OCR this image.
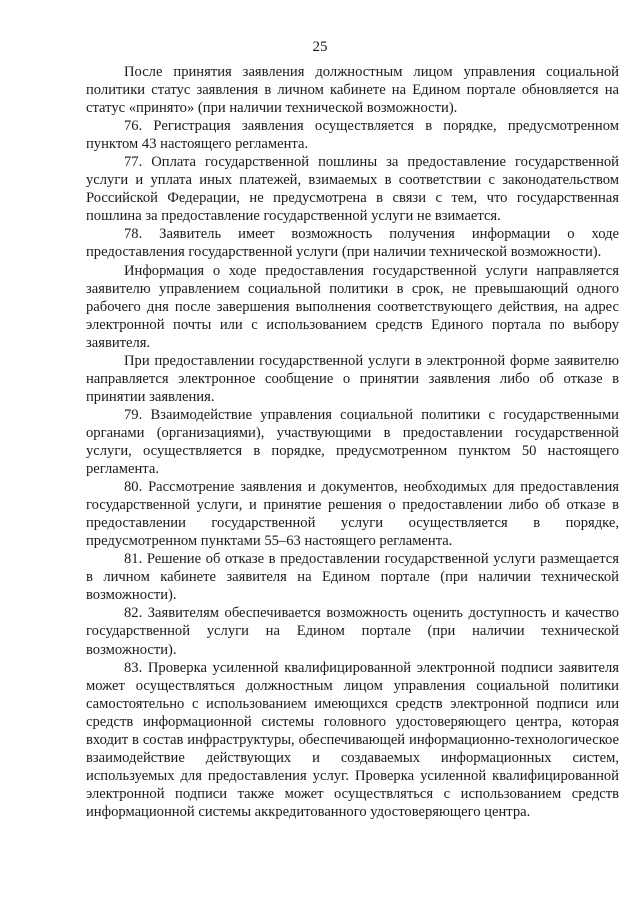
25

После принятия заявления должностным лицом управления социальной политики статус заявления в личном кабинете на Едином портале обновляется на статус «принято» (при наличии технической возможности).

76. Регистрация заявления осуществляется в порядке, предусмотренном пунктом 43 настоящего регламента.

77. Оплата государственной пошлины за предоставление государственной услуги и уплата иных платежей, взимаемых в соответствии с законодательством Российской Федерации, не предусмотрена в связи с тем, что государственная пошлина за предоставление государственной услуги не взимается.

78. Заявитель имеет возможность получения информации о ходе предоставления государственной услуги (при наличии технической возможности).

Информация о ходе предоставления государственной услуги направляется заявителю управлением социальной политики в срок, не превышающий одного рабочего дня после завершения выполнения соответствующего действия, на адрес электронной почты или с использованием средств Единого портала по выбору заявителя.

При предоставлении государственной услуги в электронной форме заявителю направляется электронное сообщение о принятии заявления либо об отказе в принятии заявления.

79. Взаимодействие управления социальной политики с государственными органами (организациями), участвующими в предоставлении государственной услуги, осуществляется в порядке, предусмотренном пунктом 50 настоящего регламента.

80. Рассмотрение заявления и документов, необходимых для предоставления государственной услуги, и принятие решения о предоставлении либо об отказе в предоставлении государственной услуги осуществляется в порядке, предусмотренном пунктами 55–63 настоящего регламента.

81. Решение об отказе в предоставлении государственной услуги размещается в личном кабинете заявителя на Едином портале (при наличии технической возможности).

82. Заявителям обеспечивается возможность оценить доступность и качество государственной услуги на Едином портале (при наличии технической возможности).

83. Проверка усиленной квалифицированной электронной подписи заявителя может осуществляться должностным лицом управления социальной политики самостоятельно с использованием имеющихся средств электронной подписи или средств информационной системы головного удостоверяющего центра, которая входит в состав инфраструктуры, обеспечивающей информационно-технологическое взаимодействие действующих и создаваемых информационных систем, используемых для предоставления услуг. Проверка усиленной квалифицированной электронной подписи также может осуществляться с использованием средств информационной системы аккредитованного удостоверяющего центра.
